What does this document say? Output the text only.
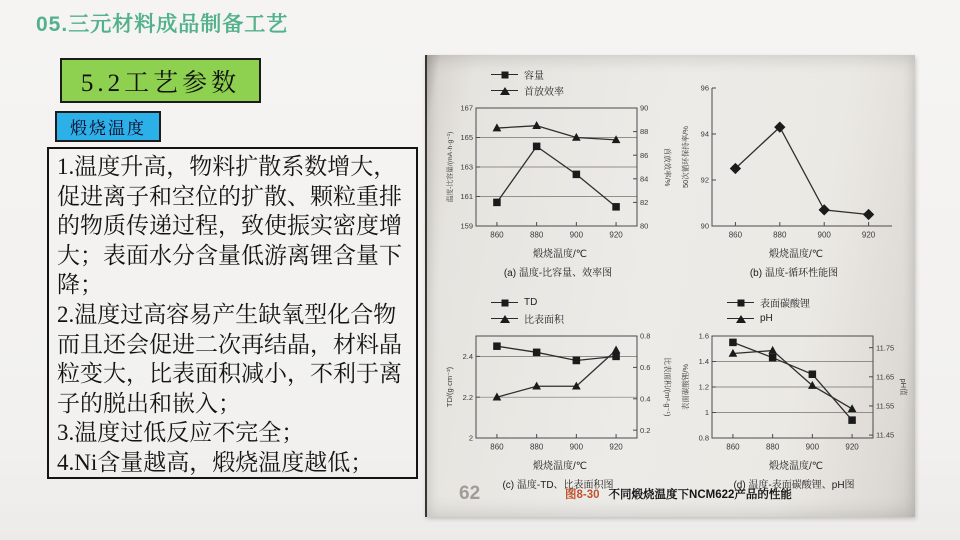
05.三元材料成品制备工艺
5.2工艺参数
煅烧温度

1.温度升高，物料扩散系数增大，促进离子和空位的扩散、颗粒重排的物质传递过程，致使振实密度增大；表面水分含量低游离锂含量下降；

2.温度过高容易产生缺氧型化合物而且还会促进二次再结晶，材料晶粒变大，比表面积减小，不利于离子的脱出和嵌入；

3.温度过低反应不完全；

4.Ni含量越高，煅烧温度越低；

容量
首放效率
159
161
163
165
167
80
82
84
86
88
90
860	880	900	920
温度-比容量/(mA·h·g⁻¹)	首放效率/%
煅烧温度/℃
(a) 温度-比容量、效率图
90
92
94
96
860	880	900	920
50次循环保持率/%
煅烧温度/℃
(b) 温度-循环性能图
TD
比表面积
2
2.2
2.4
0.2
0.4
0.6
0.8
860	880	900	920
TD/(g·cm⁻³)	比表面积/(m²·g⁻¹)
煅烧温度/℃
(c) 温度-TD、比表面积图
表面碳酸锂
pH
0.8
1
1.2
1.4
1.6
11.45
11.55
11.65
11.75
860	880	900	920
表面碳酸锂/%	pH值
煅烧温度/℃
(d) 温度-表面碳酸锂、pH图
62	图8-30 不同煅烧温度下NCM622产品的性能
